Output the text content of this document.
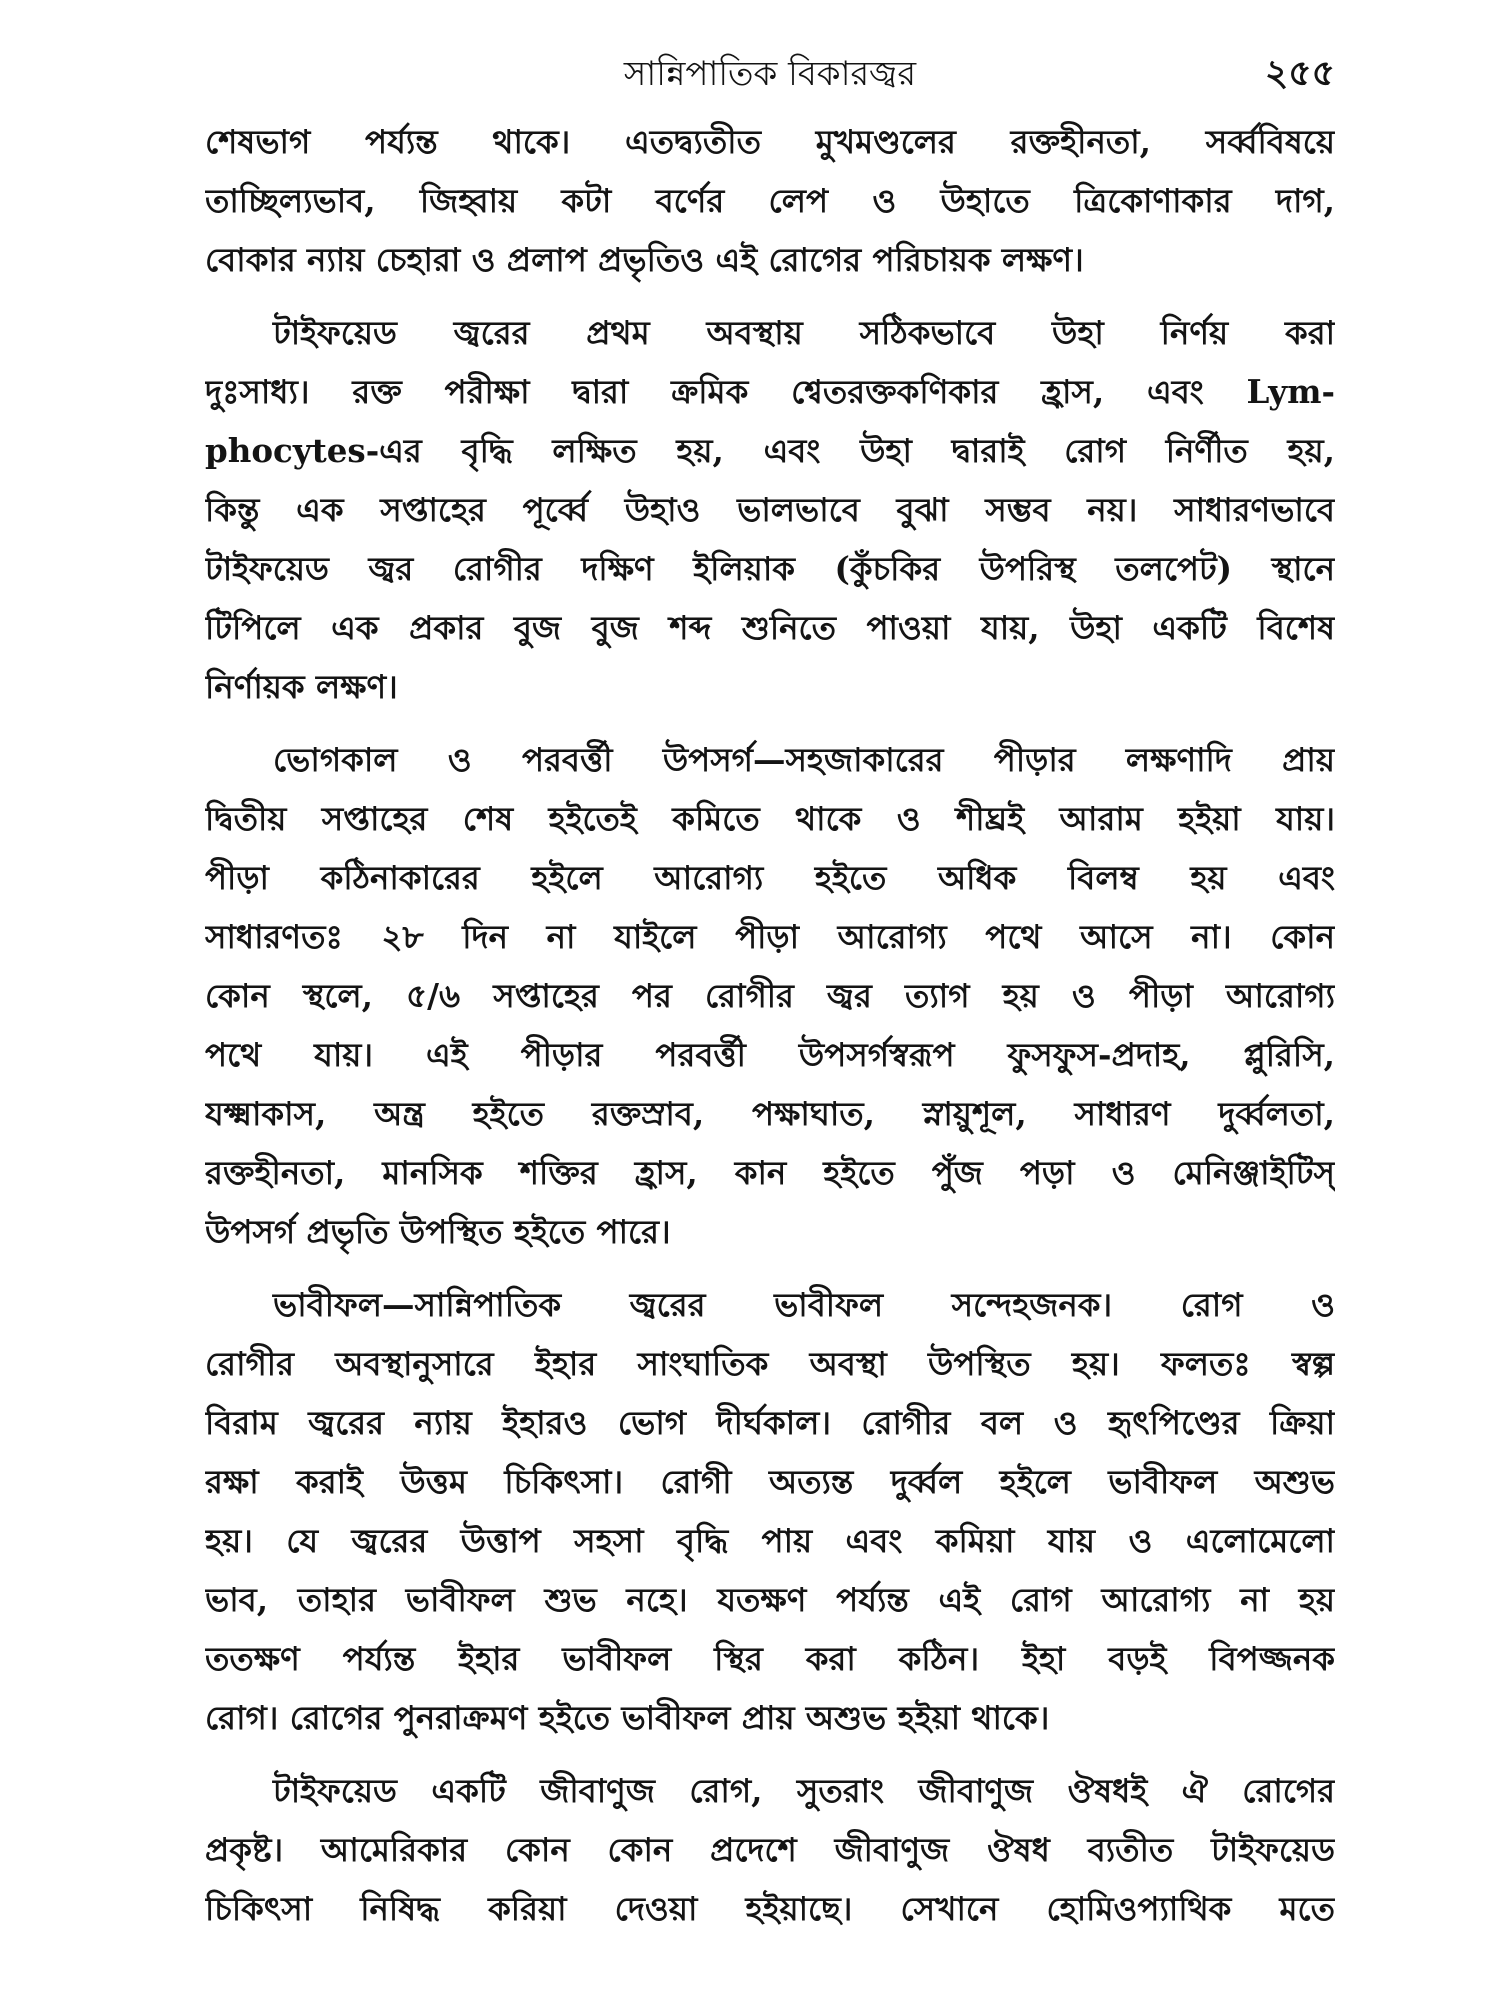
সান্নিপাতিক বিকারজ্বর	২৫৫
শেষভাগ পর্য্যন্ত থাকে। এতদ্ব্যতীত মুখমণ্ডলের রক্তহীনতা, সর্ব্ববিষয়ে
তাচ্ছিল্যভাব, জিহ্বায় কটা বর্ণের লেপ ও উহাতে ত্রিকোণাকার দাগ,
বোকার ন্যায় চেহারা ও প্রলাপ প্রভৃতিও এই রোগের পরিচায়ক লক্ষণ।
টাইফয়েড জ্বরের প্রথম অবস্থায় সঠিকভাবে উহা নির্ণয় করা
দুঃসাধ্য। রক্ত পরীক্ষা দ্বারা ক্রমিক শ্বেতরক্তকণিকার হ্রাস, এবং Lym-
phocytes-এর বৃদ্ধি লক্ষিত হয়, এবং উহা দ্বারাই রোগ নির্ণীত হয়,
কিন্তু এক সপ্তাহের পূর্ব্বে উহাও ভালভাবে বুঝা সম্ভব নয়। সাধারণভাবে
টাইফয়েড জ্বর রোগীর দক্ষিণ ইলিয়াক (কুঁচকির উপরিস্থ তলপেট) স্থানে
টিপিলে এক প্রকার বুজ বুজ শব্দ শুনিতে পাওয়া যায়, উহা একটি বিশেষ
নির্ণায়ক লক্ষণ।
ভোগকাল ও পরবর্ত্তী উপসর্গ—সহজাকারের পীড়ার লক্ষণাদি প্রায়
দ্বিতীয় সপ্তাহের শেষ হইতেই কমিতে থাকে ও শীঘ্রই আরাম হইয়া যায়।
পীড়া কঠিনাকারের হইলে আরোগ্য হইতে অধিক বিলম্ব হয় এবং
সাধারণতঃ ২৮ দিন না যাইলে পীড়া আরোগ্য পথে আসে না। কোন
কোন স্থলে, ৫/৬ সপ্তাহের পর রোগীর জ্বর ত্যাগ হয় ও পীড়া আরোগ্য
পথে যায়। এই পীড়ার পরবর্ত্তী উপসর্গস্বরূপ ফুসফুস-প্রদাহ, প্লুরিসি,
যক্ষ্মাকাস, অন্ত্র হইতে রক্তস্রাব, পক্ষাঘাত, স্নায়ুশূল, সাধারণ দুর্ব্বলতা,
রক্তহীনতা, মানসিক শক্তির হ্রাস, কান হইতে পুঁজ পড়া ও মেনিঞ্জাইটিস্
উপসর্গ প্রভৃতি উপস্থিত হইতে পারে।
ভাবীফল—সান্নিপাতিক জ্বরের ভাবীফল সন্দেহজনক। রোগ ও
রোগীর অবস্থানুসারে ইহার সাংঘাতিক অবস্থা উপস্থিত হয়। ফলতঃ স্বল্প
বিরাম জ্বরের ন্যায় ইহারও ভোগ দীর্ঘকাল। রোগীর বল ও হৃৎপিণ্ডের ক্রিয়া
রক্ষা করাই উত্তম চিকিৎসা। রোগী অত্যন্ত দুর্ব্বল হইলে ভাবীফল অশুভ
হয়। যে জ্বরের উত্তাপ সহসা বৃদ্ধি পায় এবং কমিয়া যায় ও এলোমেলো
ভাব, তাহার ভাবীফল শুভ নহে। যতক্ষণ পর্য্যন্ত এই রোগ আরোগ্য না হয়
ততক্ষণ পর্য্যন্ত ইহার ভাবীফল স্থির করা কঠিন। ইহা বড়ই বিপজ্জনক
রোগ। রোগের পুনরাক্রমণ হইতে ভাবীফল প্রায় অশুভ হইয়া থাকে।
টাইফয়েড একটি জীবাণুজ রোগ, সুতরাং জীবাণুজ ঔষধই ঐ রোগের
প্রকৃষ্ট। আমেরিকার কোন কোন প্রদেশে জীবাণুজ ঔষধ ব্যতীত টাইফয়েড
চিকিৎসা নিষিদ্ধ করিয়া দেওয়া হইয়াছে। সেখানে হোমিওপ্যাথিক মতে
